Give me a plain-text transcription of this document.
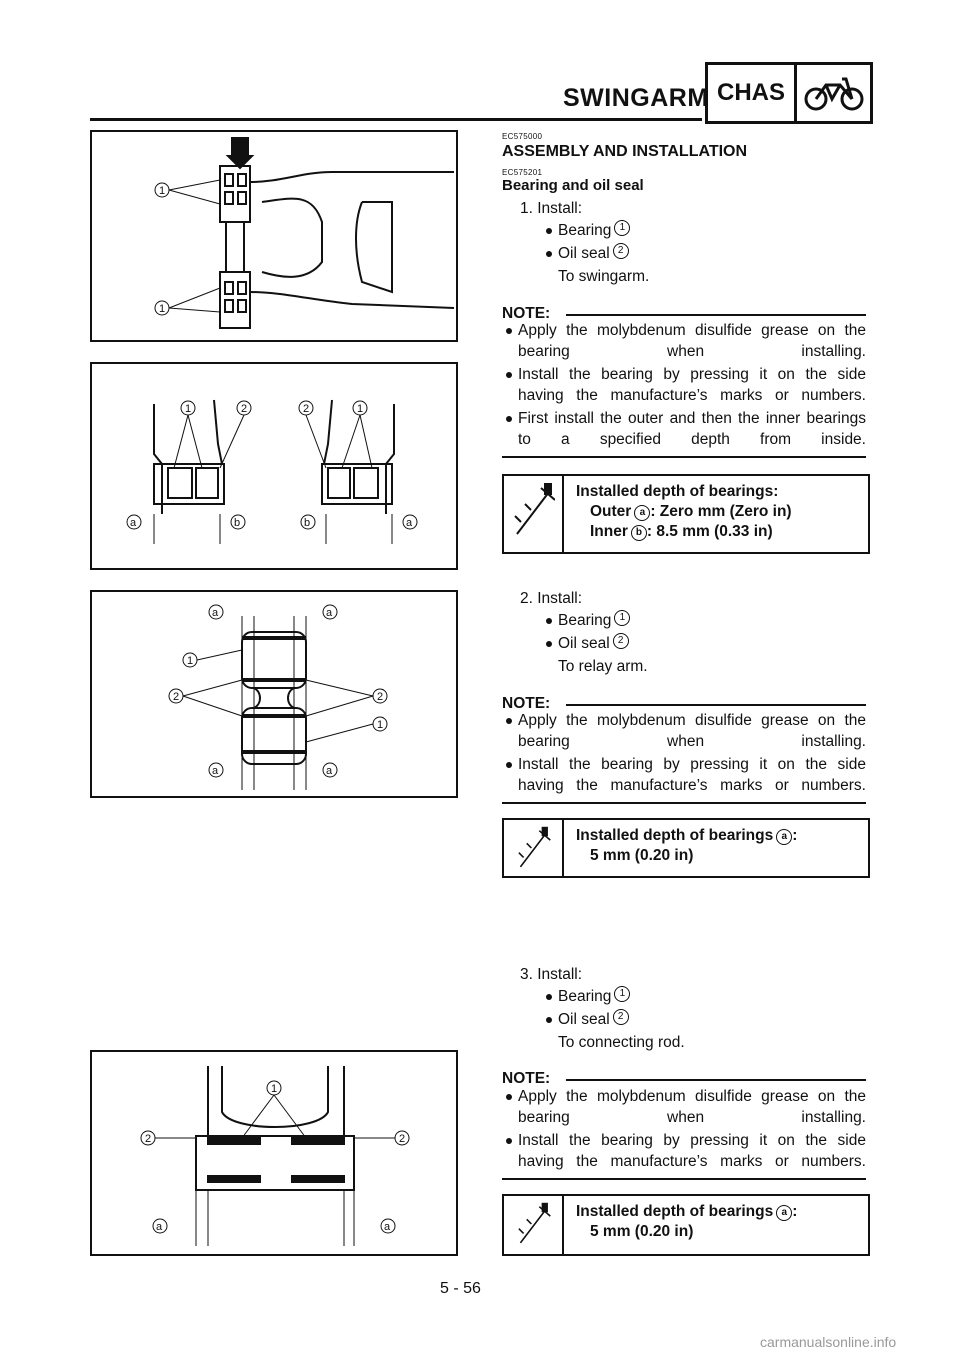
SWINGARM CHAS
1
1
1	2	2	1
a	b	b	a
a	a
1
2	2
1
a	a
1
2	2
a	a
EC575000
ASSEMBLY AND INSTALLATION
EC575201
Bearing and oil seal
1. Install:
Bearing 1
Oil seal 2
To swingarm.
NOTE:
Apply the molybdenum disulfide grease on the bearing when installing.
Install the bearing by pressing it on the side having the manufacture’s marks or numbers.
First install the outer and then the inner bearings to a specified depth from inside.
Installed depth of bearings:
Outer a : Zero mm (Zero in)
Inner b : 8.5 mm (0.33 in)
2. Install:
Bearing 1
Oil seal 2
To relay arm.
NOTE:
Apply the molybdenum disulfide grease on the bearing when installing.
Install the bearing by pressing it on the side having the manufacture’s marks or numbers.
Installed depth of bearings a :
5 mm (0.20 in)
3. Install:
Bearing 1
Oil seal 2
To connecting rod.
NOTE:
Apply the molybdenum disulfide grease on the bearing when installing.
Install the bearing by pressing it on the side having the manufacture’s marks or numbers.
Installed depth of bearings a :
5 mm (0.20 in)
5 - 56
carmanualsonline.info
